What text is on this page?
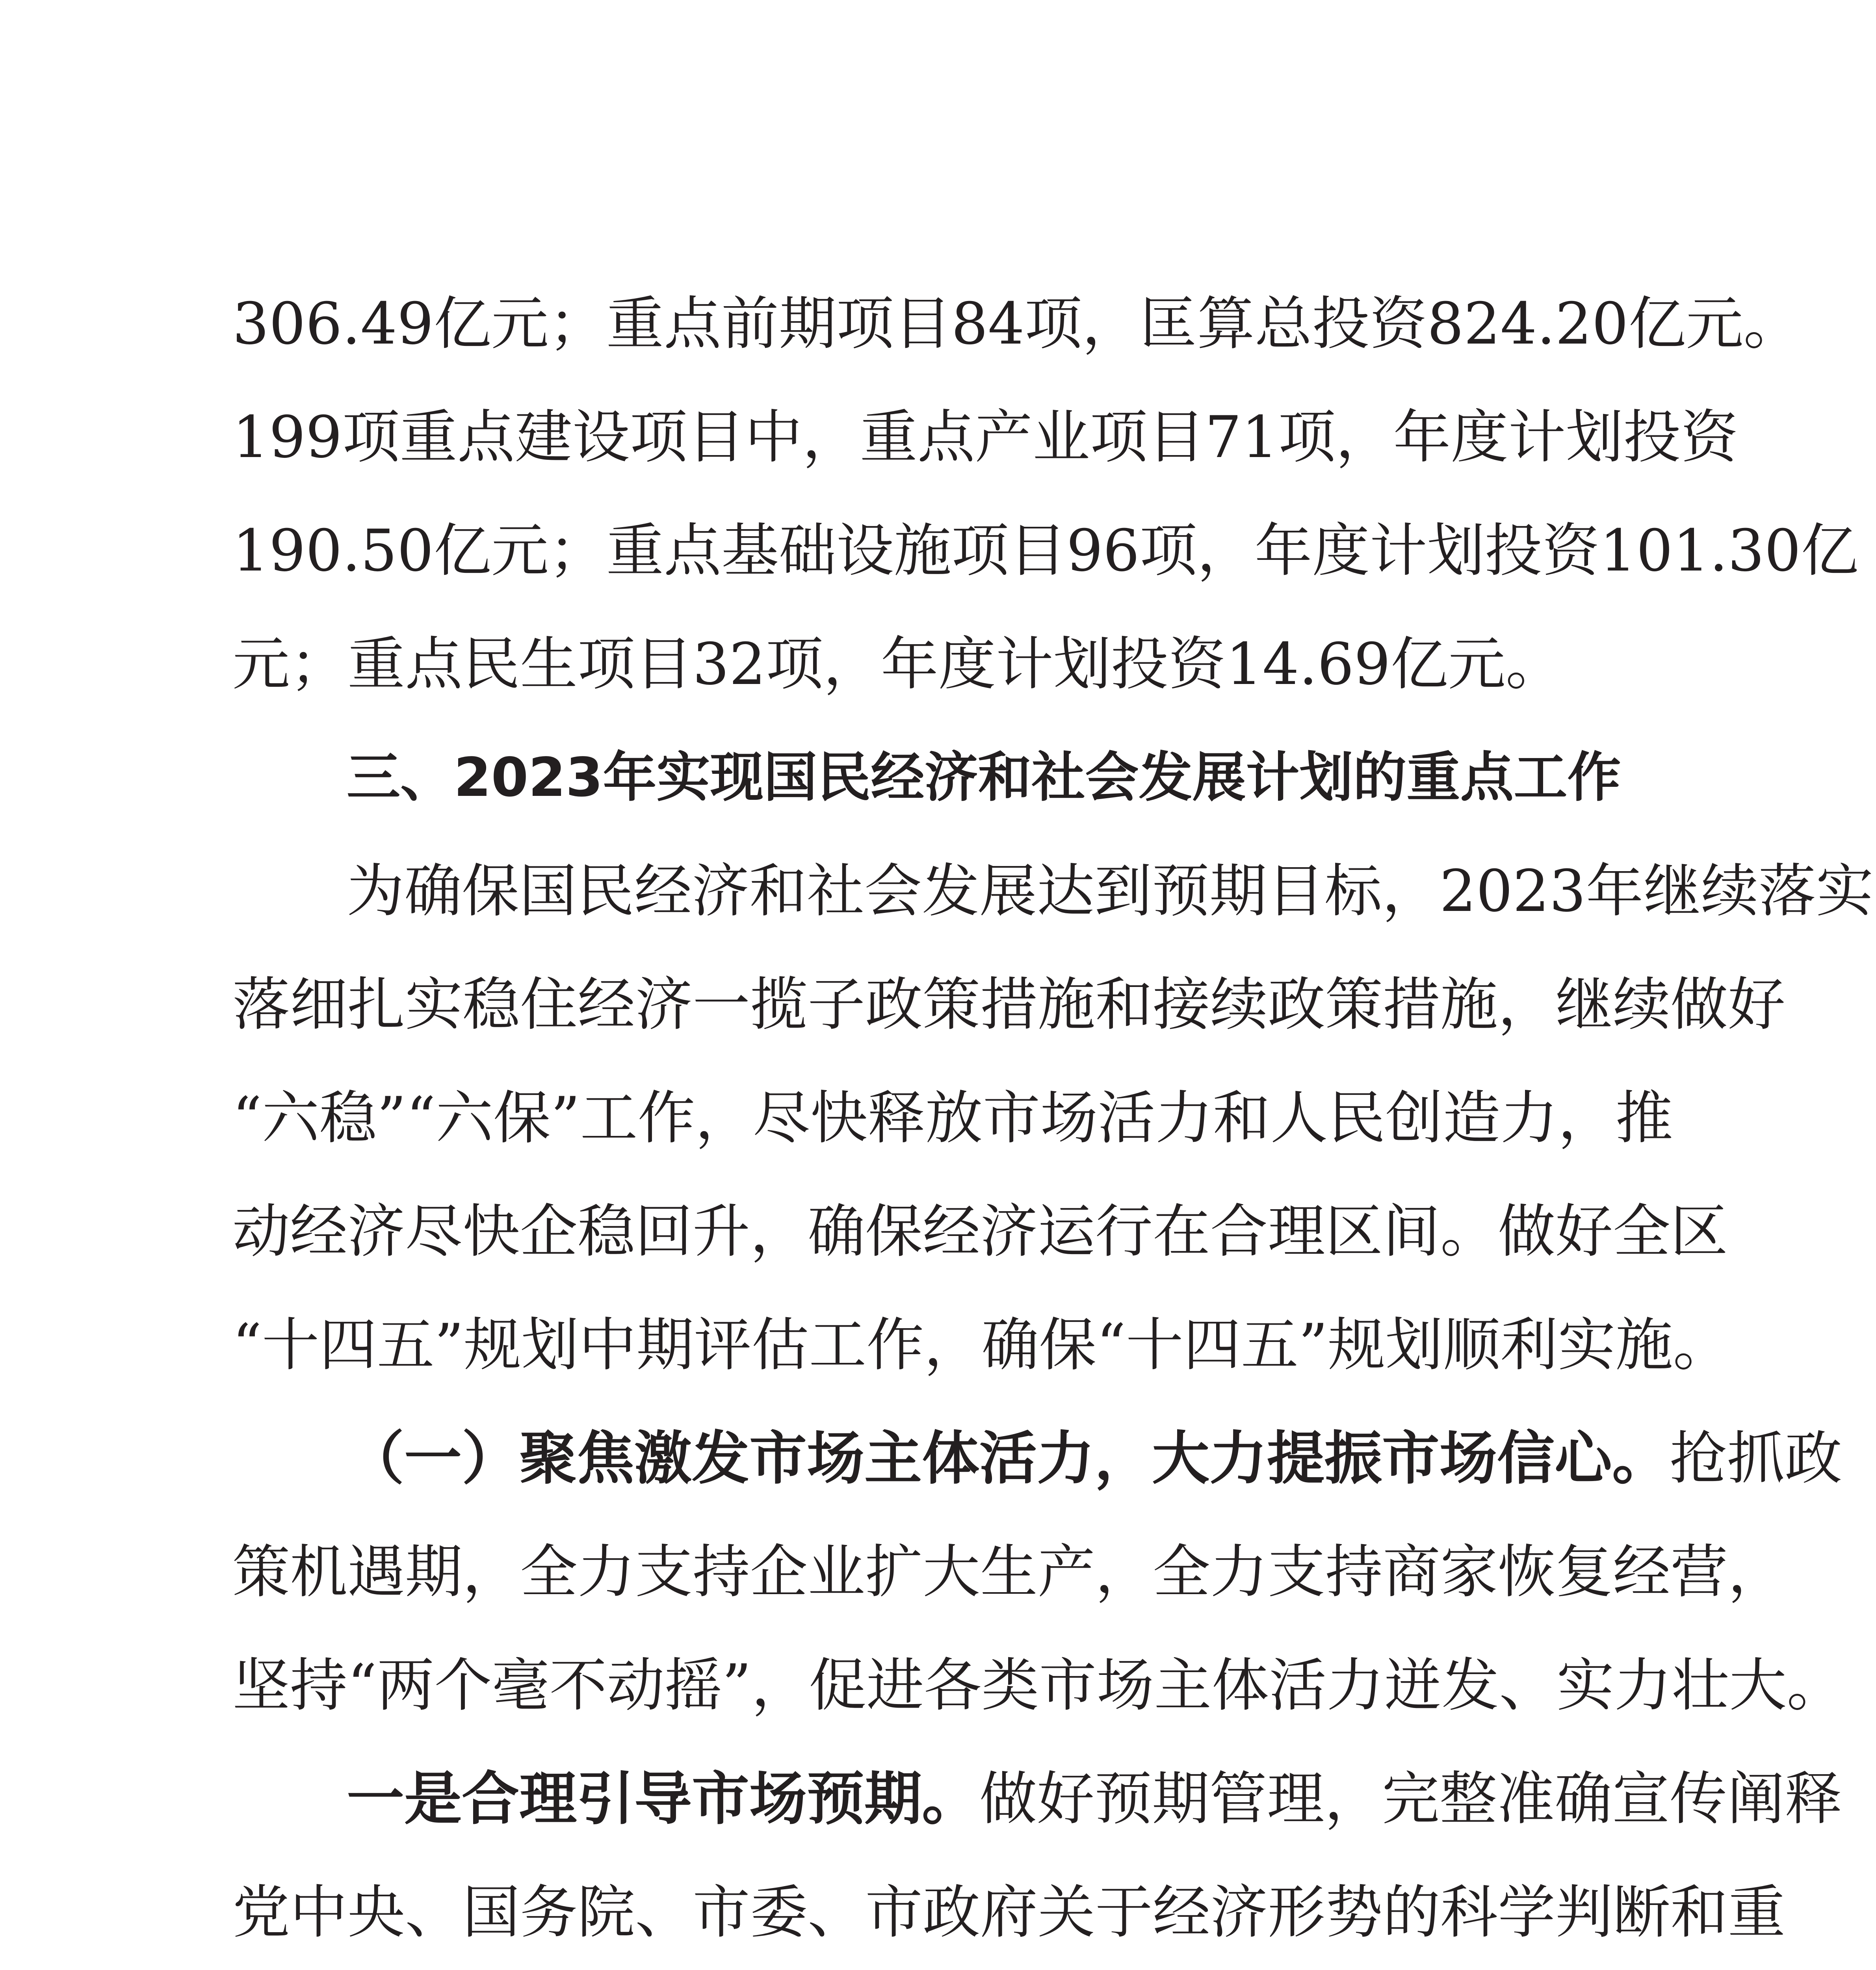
306.49亿元；重点前期项目84项，匡算总投资824.20亿元。
199项重点建设项目中，重点产业项目71项，年度计划投资
190.50亿元；重点基础设施项目96项，年度计划投资101.30亿
元；重点民生项目32项，年度计划投资14.69亿元。
三、2023年实现国民经济和社会发展计划的重点工作
为确保国民经济和社会发展达到预期目标，2023年继续落实
落细扎实稳住经济一揽子政策措施和接续政策措施，继续做好
“六稳”“六保”工作，尽快释放市场活力和人民创造力，推
动经济尽快企稳回升，确保经济运行在合理区间。做好全区
“十四五”规划中期评估工作，确保“十四五”规划顺利实施。
（一）聚焦激发市场主体活力，大力提振市场信心。抢抓政
策机遇期，全力支持企业扩大生产，全力支持商家恢复经营，
坚持“两个毫不动摇”，促进各类市场主体活力迸发、实力壮大。
一是合理引导市场预期。做好预期管理，完整准确宣传阐释
党中央、国务院、市委、市政府关于经济形势的科学判断和重
